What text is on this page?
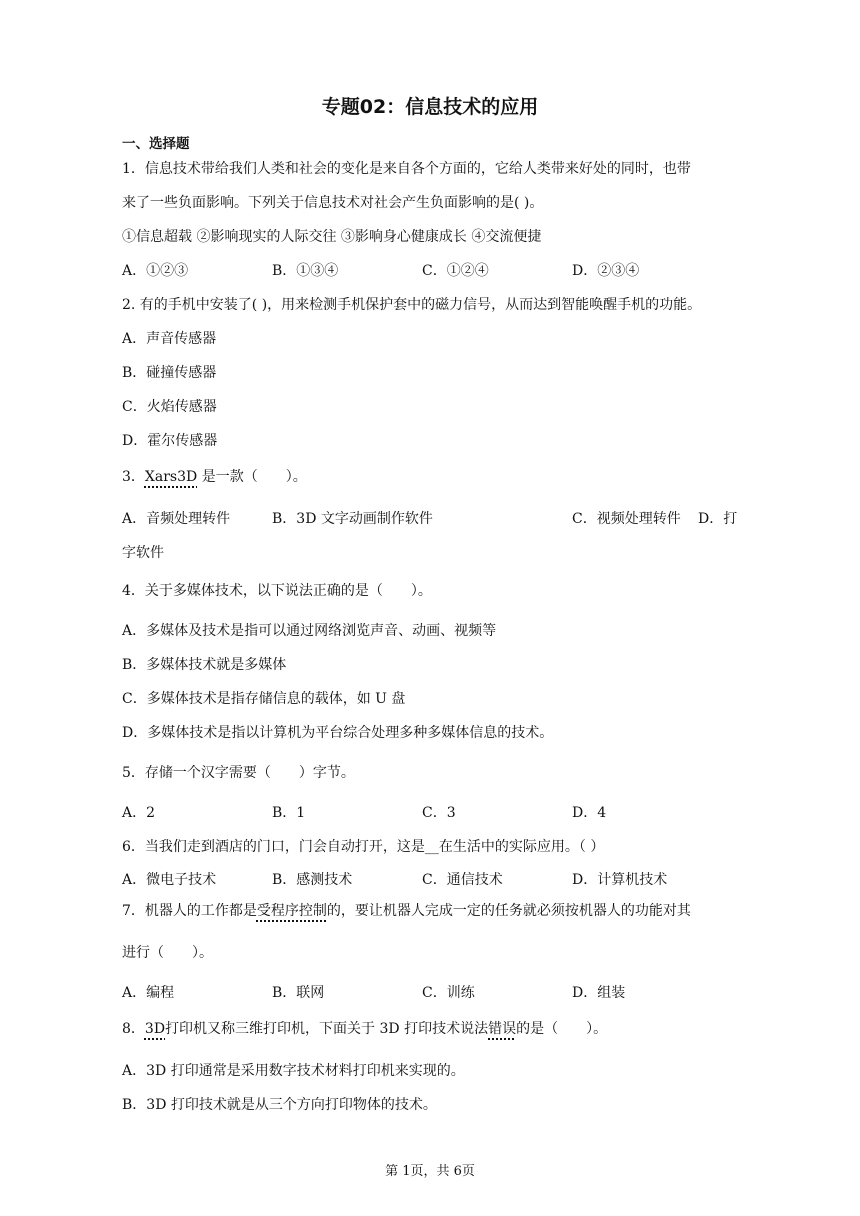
专题02：信息技术的应用
一、选择题
1．信息技术带给我们人类和社会的变化是来自各个方面的，它给人类带来好处的同时，也带
来了一些负面影响。下列关于信息技术对社会产生负面影响的是( )。
①信息超载 ②影响现实的人际交往 ③影响身心健康成长 ④交流便捷
A．①②③	B．①③④	C．①②④	D．②③④
2. 有的手机中安装了( )，用来检测手机保护套中的磁力信号，从而达到智能唤醒手机的功能。
A．声音传感器
B．碰撞传感器
C．火焰传感器
D．霍尔传感器
3．Xars3D 是一款（　　）。
A．音频处理转件	B．3D 文字动画制作软件	C．视频处理转件 D．打
字软件
4．关于多媒体技术，以下说法正确的是（　　）。
A．多媒体及技术是指可以通过网络浏览声音、动画、视频等
B．多媒体技术就是多媒体
C．多媒体技术是指存储信息的载体，如 U 盘
D．多媒体技术是指以计算机为平台综合处理多种多媒体信息的技术。
5．存储一个汉字需要（　　）字节。
A．2	B．1	C．3	D．4
6．当我们走到酒店的门口，门会自动打开，这是__在生活中的实际应用。（ ）
A．微电子技术	B．感测技术	C．通信技术	D．计算机技术
7．机器人的工作都是受程序控制的，要让机器人完成一定的任务就必须按机器人的功能对其
进行（　　）。
A．编程	B．联网	C．训练	D．组装
8．3D打印机又称三维打印机，下面关于 3D 打印技术说法错误的是（　　）。
A．3D 打印通常是采用数字技术材料打印机来实现的。
B．3D 打印技术就是从三个方向打印物体的技术。
第 1页，共 6页
